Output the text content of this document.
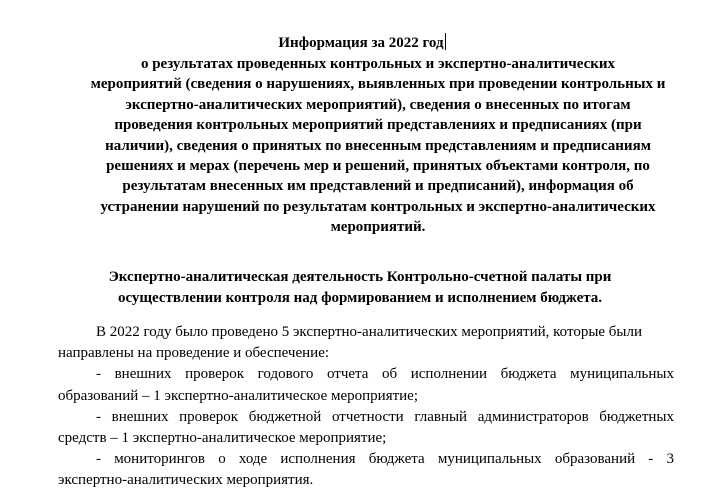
Информация за 2022 год
о результатах проведенных контрольных и экспертно-аналитических
мероприятий (сведения о нарушениях, выявленных при проведении контрольных и
экспертно-аналитических мероприятий), сведения о внесенных по итогам
проведения контрольных мероприятий представлениях и предписаниях (при
наличии), сведения о принятых по внесенным представлениям и предписаниям
решениях и мерах (перечень мер и решений, принятых объектами контроля, по
результатам внесенных им представлений и предписаний), информация об
устранении нарушений по результатам контрольных и экспертно-аналитических
мероприятий.
Экспертно-аналитическая деятельность Контрольно-счетной палаты при
осуществлении контроля над формированием и исполнением бюджета.
В 2022 году было проведено 5 экспертно-аналитических мероприятий, которые были
направлены на проведение и обеспечение:
- внешних проверок годового отчета об исполнении бюджета муниципальных
образований – 1 экспертно-аналитическое мероприятие;
- внешних проверок бюджетной отчетности главный администраторов бюджетных
средств – 1 экспертно-аналитическое мероприятие;
- мониторингов о ходе исполнения бюджета муниципальных образований - 3
экспертно-аналитических мероприятия.
